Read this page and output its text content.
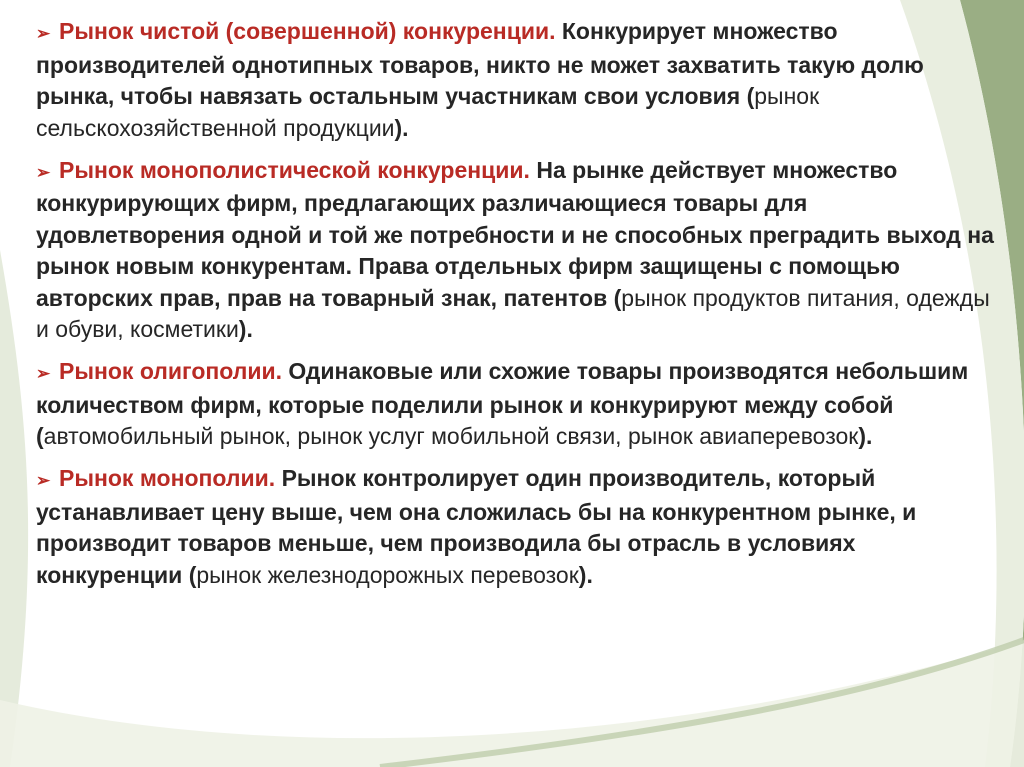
➢ Рынок чистой (совершенной) конкуренции. Конкурирует множество производителей однотипных товаров, никто не может захватить такую долю рынка, чтобы навязать остальным участникам свои условия (рынок сельскохозяйственной продукции).

➢ Рынок монополистической конкуренции. На рынке действует множество конкурирующих фирм, предлагающих различающиеся товары для удовлетворения одной и той же потребности и не способных преградить выход на рынок новым конкурентам. Права отдельных фирм защищены с помощью авторских прав, прав на товарный знак, патентов (рынок продуктов питания, одежды и обуви, косметики).

➢ Рынок олигополии. Одинаковые или схожие товары производятся небольшим количеством фирм, которые поделили рынок и конкурируют между собой (автомобильный рынок, рынок услуг мобильной связи, рынок авиаперевозок).

➢ Рынок монополии. Рынок контролирует один производитель, который устанавливает цену выше, чем она сложилась бы на конкурентном рынке, и производит товаров меньше, чем производила бы отрасль в условиях конкуренции (рынок железнодорожных перевозок).
